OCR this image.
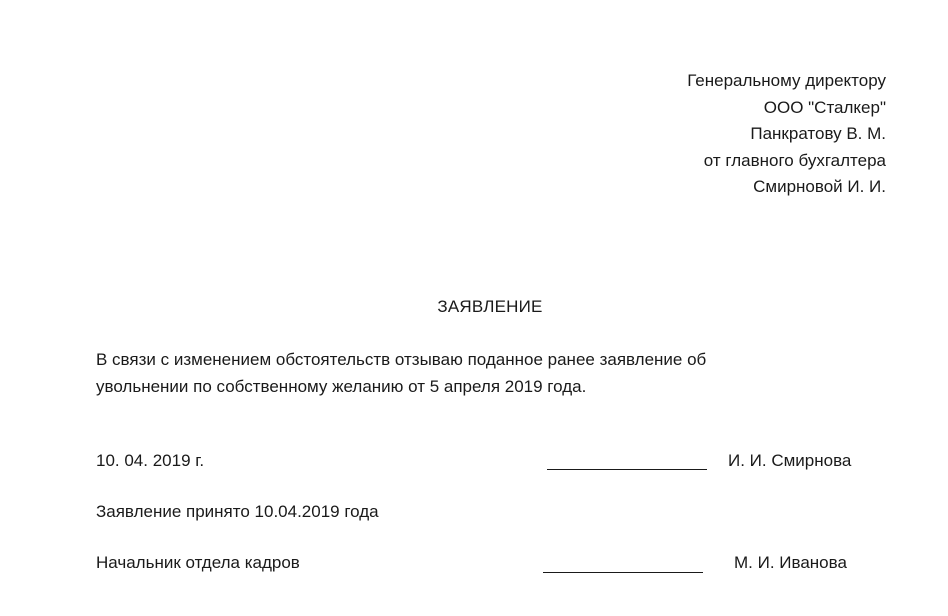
Генеральному директору
ООО "Сталкер"
Панкратову В. М.
от главного бухгалтера
Смирновой И. И.
ЗАЯВЛЕНИЕ
В связи с изменением обстоятельств отзываю поданное ранее заявление об
увольнении по собственному желанию от 5 апреля 2019 года.
10. 04. 2019 г.	И. И. Смирнова
Заявление принято 10.04.2019 года
Начальник отдела кадров	М. И. Иванова
